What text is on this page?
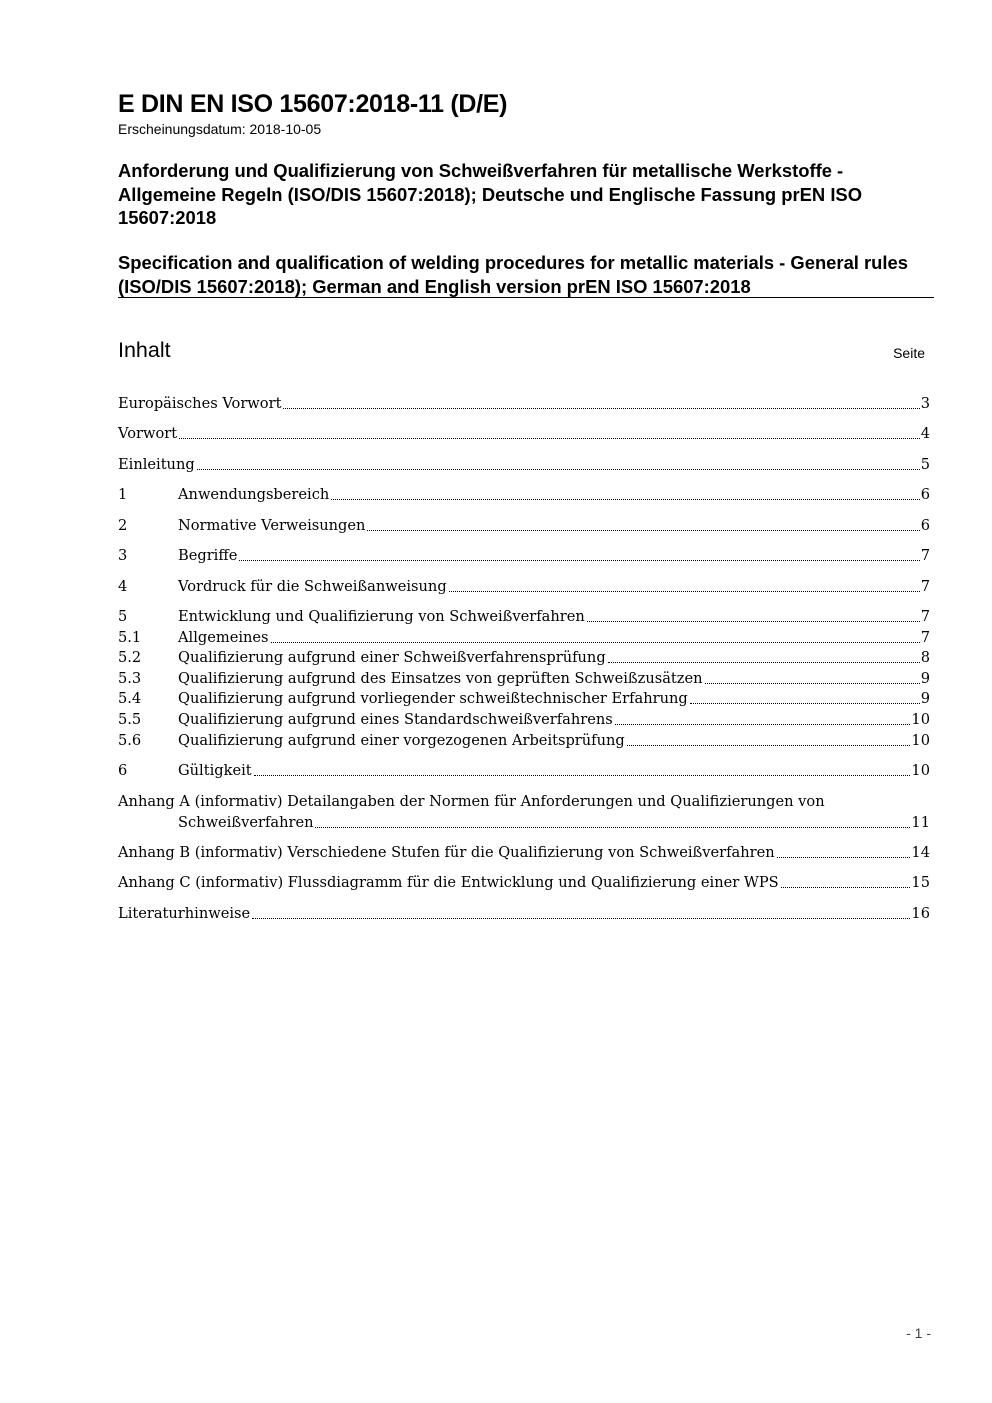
E DIN EN ISO 15607:2018-11 (D/E)
Erscheinungsdatum: 2018-10-05
Anforderung und Qualifizierung von Schweißverfahren für metallische Werkstoffe - Allgemeine Regeln (ISO/DIS 15607:2018); Deutsche und Englische Fassung prEN ISO 15607:2018
Specification and qualification of welding procedures for metallic materials - General rules (ISO/DIS 15607:2018); German and English version prEN ISO 15607:2018
Inhalt	Seite
Europäisches Vorwort	3
Vorwort	4
Einleitung	5
1	Anwendungsbereich	6
2	Normative Verweisungen	6
3	Begriffe	7
4	Vordruck für die Schweißanweisung	7
5	Entwicklung und Qualifizierung von Schweißverfahren	7
5.1	Allgemeines	7
5.2	Qualifizierung aufgrund einer Schweißverfahrensprüfung	8
5.3	Qualifizierung aufgrund des Einsatzes von geprüften Schweißzusätzen	9
5.4	Qualifizierung aufgrund vorliegender schweißtechnischer Erfahrung	9
5.5	Qualifizierung aufgrund eines Standardschweißverfahrens	10
5.6	Qualifizierung aufgrund einer vorgezogenen Arbeitsprüfung	10
6	Gültigkeit	10
Anhang A (informativ) Detailangaben der Normen für Anforderungen und Qualifizierungen von
Schweißverfahren	11
Anhang B (informativ) Verschiedene Stufen für die Qualifizierung von Schweißverfahren	14
Anhang C (informativ) Flussdiagramm für die Entwicklung und Qualifizierung einer WPS	15
Literaturhinweise	16
- 1 -
